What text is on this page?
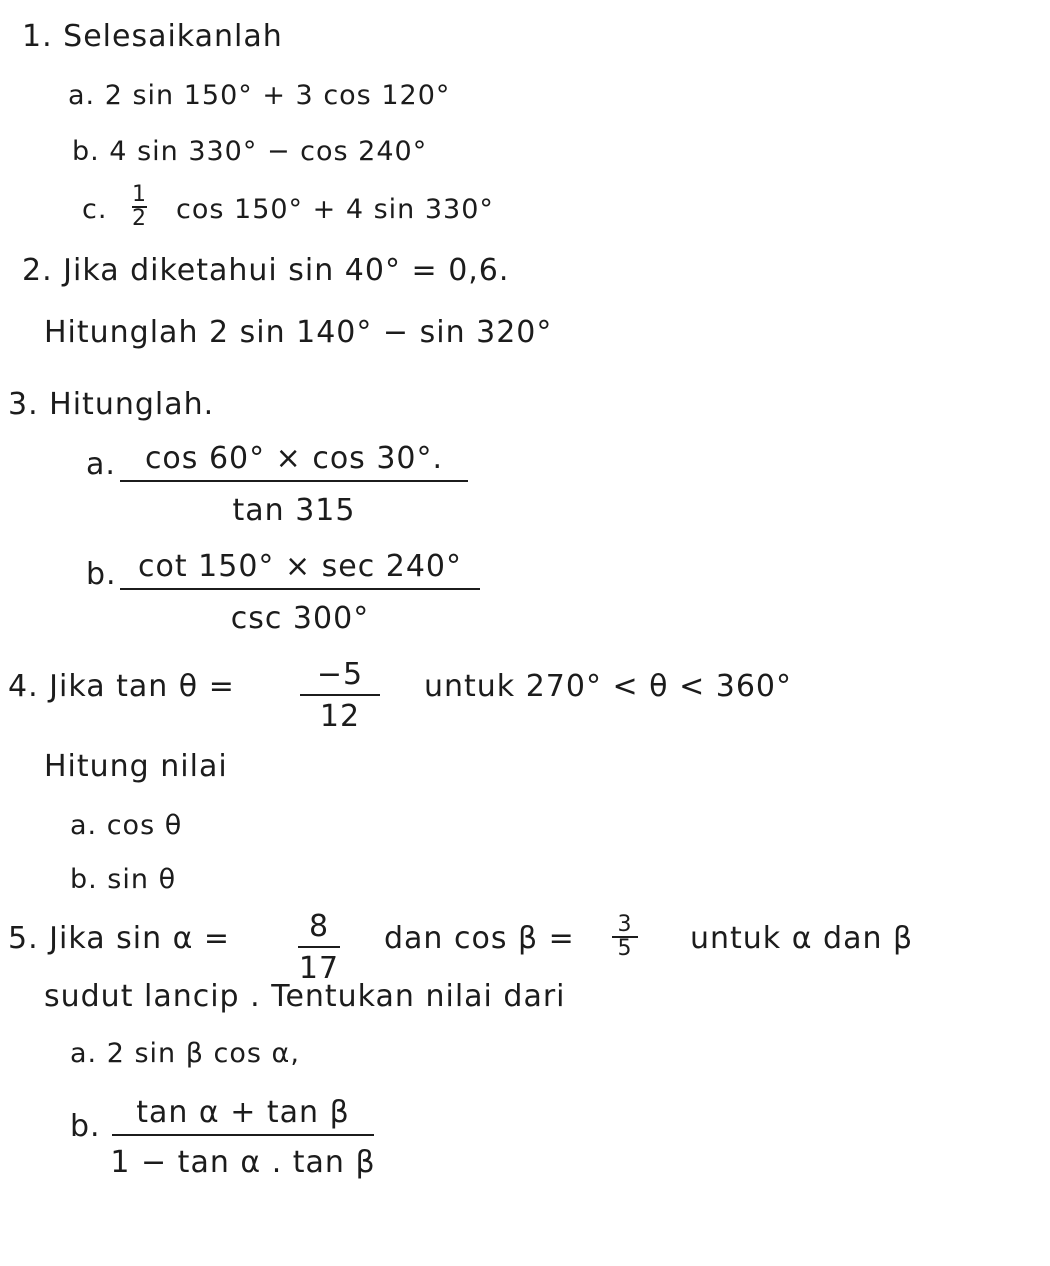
1. Selesaikanlah
a. 2 sin 150° + 3 cos 120°
b. 4 sin 330° − cos 240°
c. 1
2 cos 150° + 4 sin 330°
2. Jika diketahui sin 40° = 0,6.
Hitunglah 2 sin 140° − sin 320°
3. Hitunglah.
a. cos 60° × cos 30°.
tan 315
b. cot 150° × sec 240°
csc 300°
4. Jika tan θ =	−5
12
untuk 270° < θ < 360°
Hitung nilai
a. cos θ
b. sin θ
5. Jika sin α =	8
17
dan cos β = 3
5 untuk α dan β
sudut lancip . Tentukan nilai dari
a. 2 sin β cos α,
b. tan α + tan β
1 − tan α . tan β
